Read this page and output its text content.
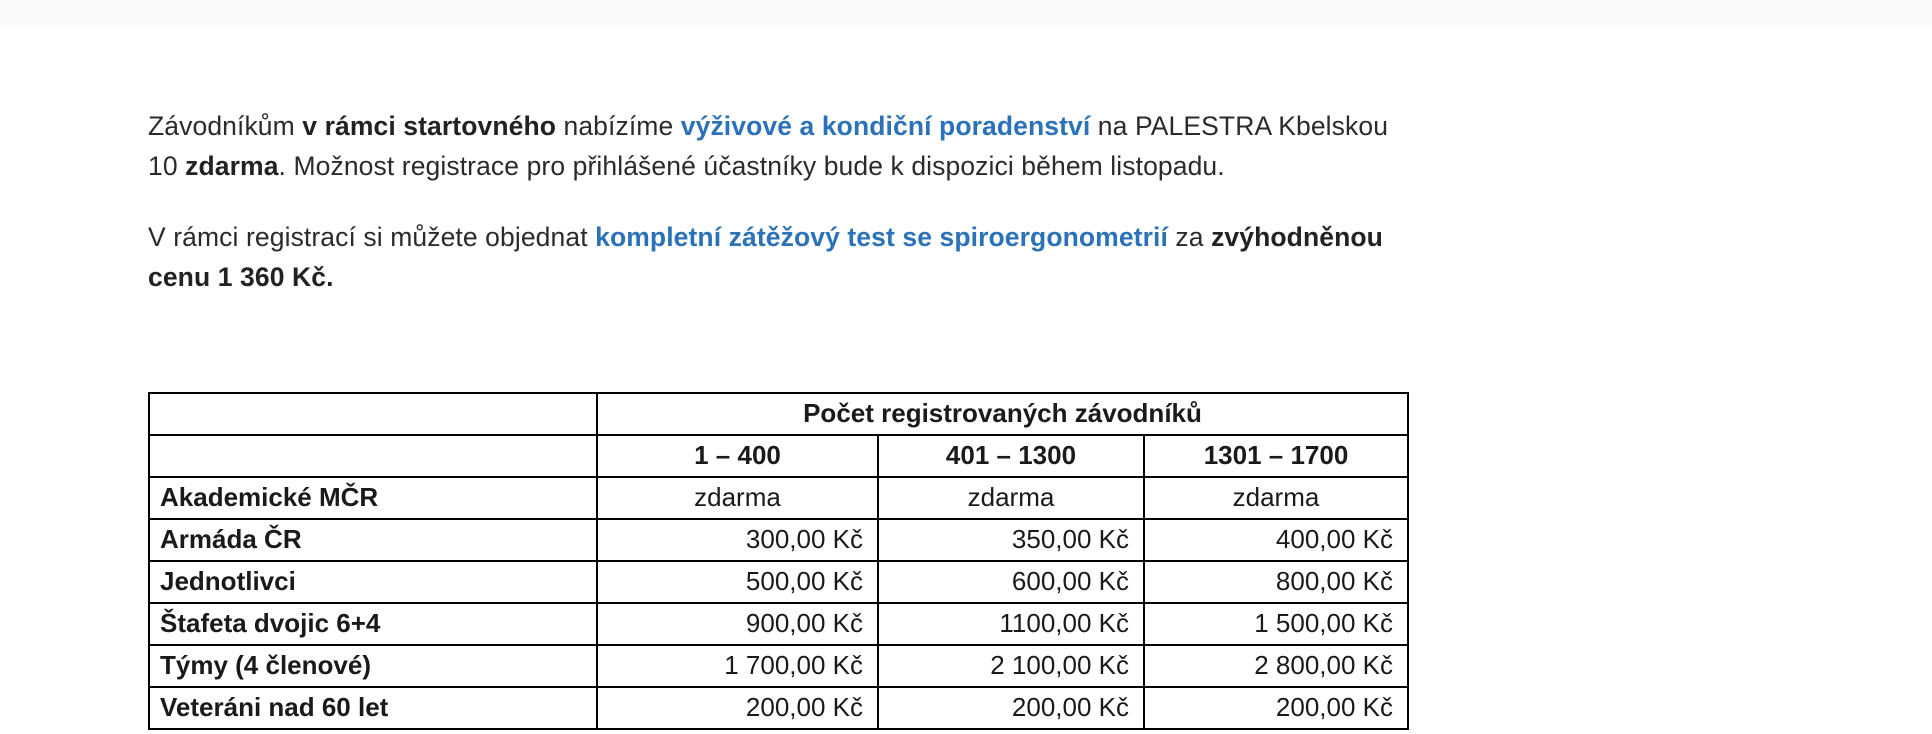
Závodníkům v rámci startovného nabízíme výživové a kondiční poradenství na PALESTRA Kbelskou 10 zdarma. Možnost registrace pro přihlášené účastníky bude k dispozici během listopadu.

V rámci registrací si můžete objednat kompletní zátěžový test se spiroergonometrií za zvýhodněnou cenu 1 360 Kč.

	Počet registrovaných závodníků		
	1 – 400	401 – 1300	1301 – 1700
Akademické MČR	zdarma	zdarma	zdarma
Armáda ČR	300,00 Kč	350,00 Kč	400,00 Kč
Jednotlivci	500,00 Kč	600,00 Kč	800,00 Kč
Štafeta dvojic 6+4	900,00 Kč	1100,00 Kč	1 500,00 Kč
Týmy (4 členové)	1 700,00 Kč	2 100,00 Kč	2 800,00 Kč
Veteráni nad 60 let	200,00 Kč	200,00 Kč	200,00 Kč
